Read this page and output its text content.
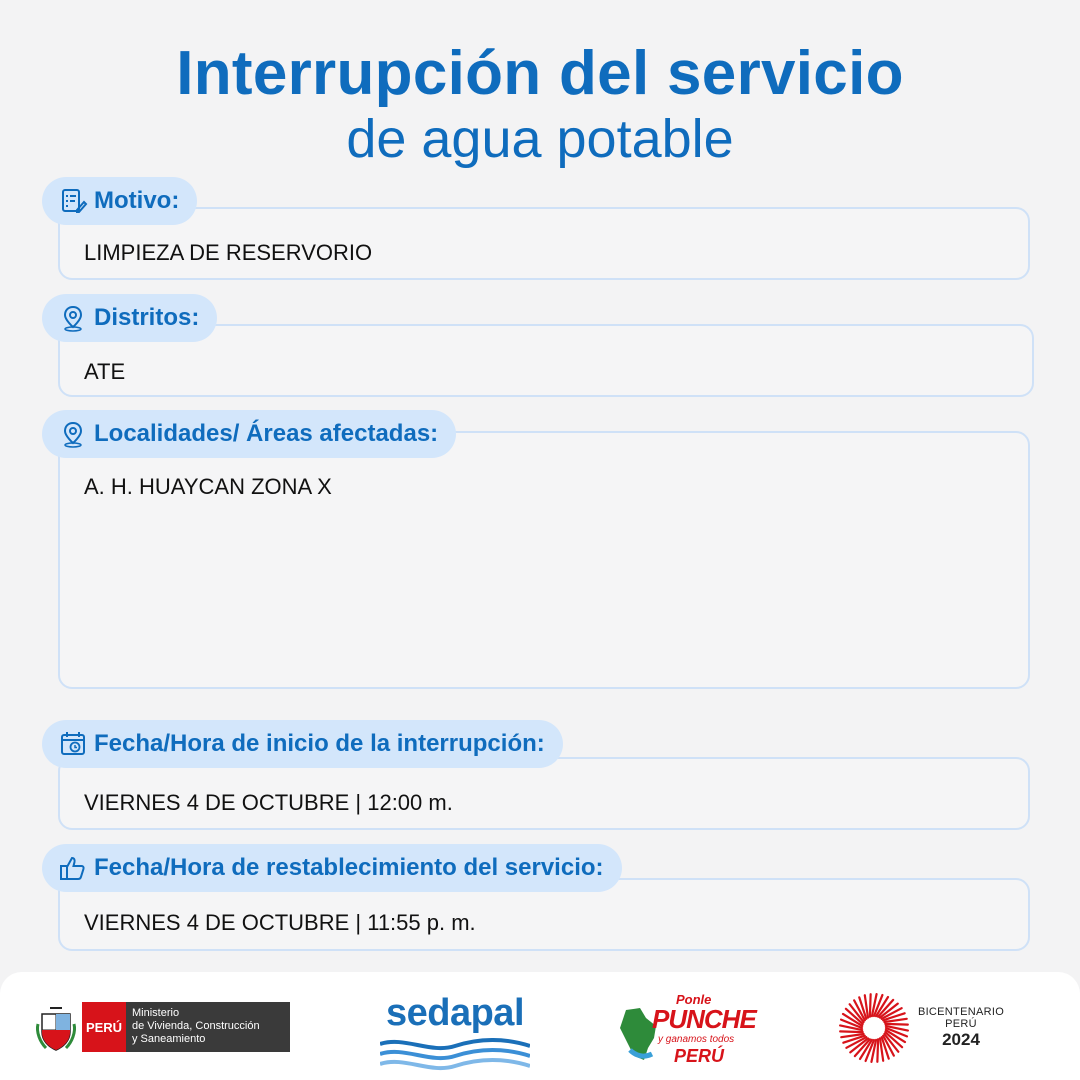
Interrupción del servicio
de agua potable
LIMPIEZA DE RESERVORIO
Motivo:
ATE
Distritos:
A. H. HUAYCAN ZONA X
Localidades/ Áreas afectadas:
VIERNES 4 DE OCTUBRE | 12:00 m.
Fecha/Hora de inicio de la interrupción:
VIERNES 4 DE OCTUBRE | 11:55 p. m.
Fecha/Hora de restablecimiento del servicio:
PERÚ
Ministerio
de Vivienda, Construcción
y Saneamiento
sedapal	Ponle
PUNCHE
y ganamos todos
PERÚ
BICENTENARIO
PERÚ
2024
